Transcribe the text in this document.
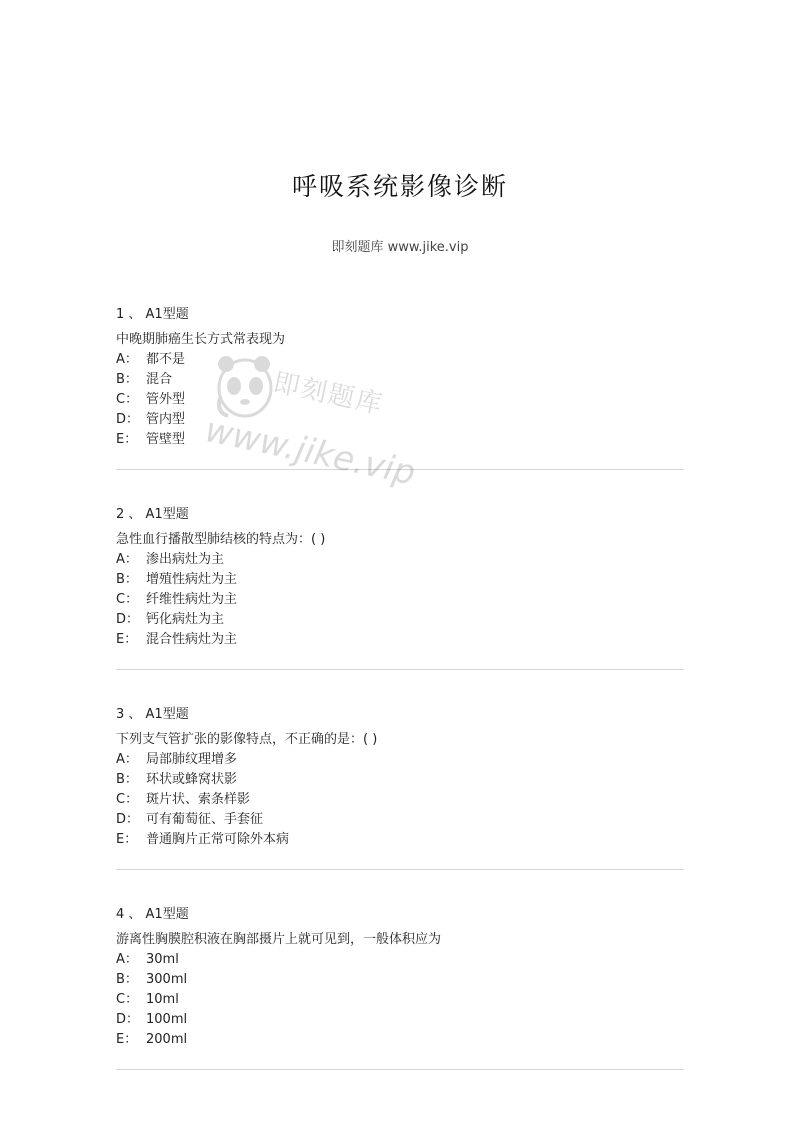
呼吸系统影像诊断
即刻题库 www.jike.vip
1 、 A1型题
中晚期肺癌生长方式常表现为
A： 都不是
B： 混合
C： 管外型
D： 管内型
E： 管壁型
2 、 A1型题
急性血行播散型肺结核的特点为：( )
A： 渗出病灶为主
B： 增殖性病灶为主
C： 纤维性病灶为主
D： 钙化病灶为主
E： 混合性病灶为主
3 、 A1型题
下列支气管扩张的影像特点，不正确的是：( )
A： 局部肺纹理增多
B： 环状或蜂窝状影
C： 斑片状、索条样影
D： 可有葡萄征、手套征
E： 普通胸片正常可除外本病
4 、 A1型题
游离性胸膜腔积液在胸部摄片上就可见到，一般体积应为
A： 30ml
B： 300ml
C： 10ml
D： 100ml
E： 200ml
即刻题库
www.jike.vip
